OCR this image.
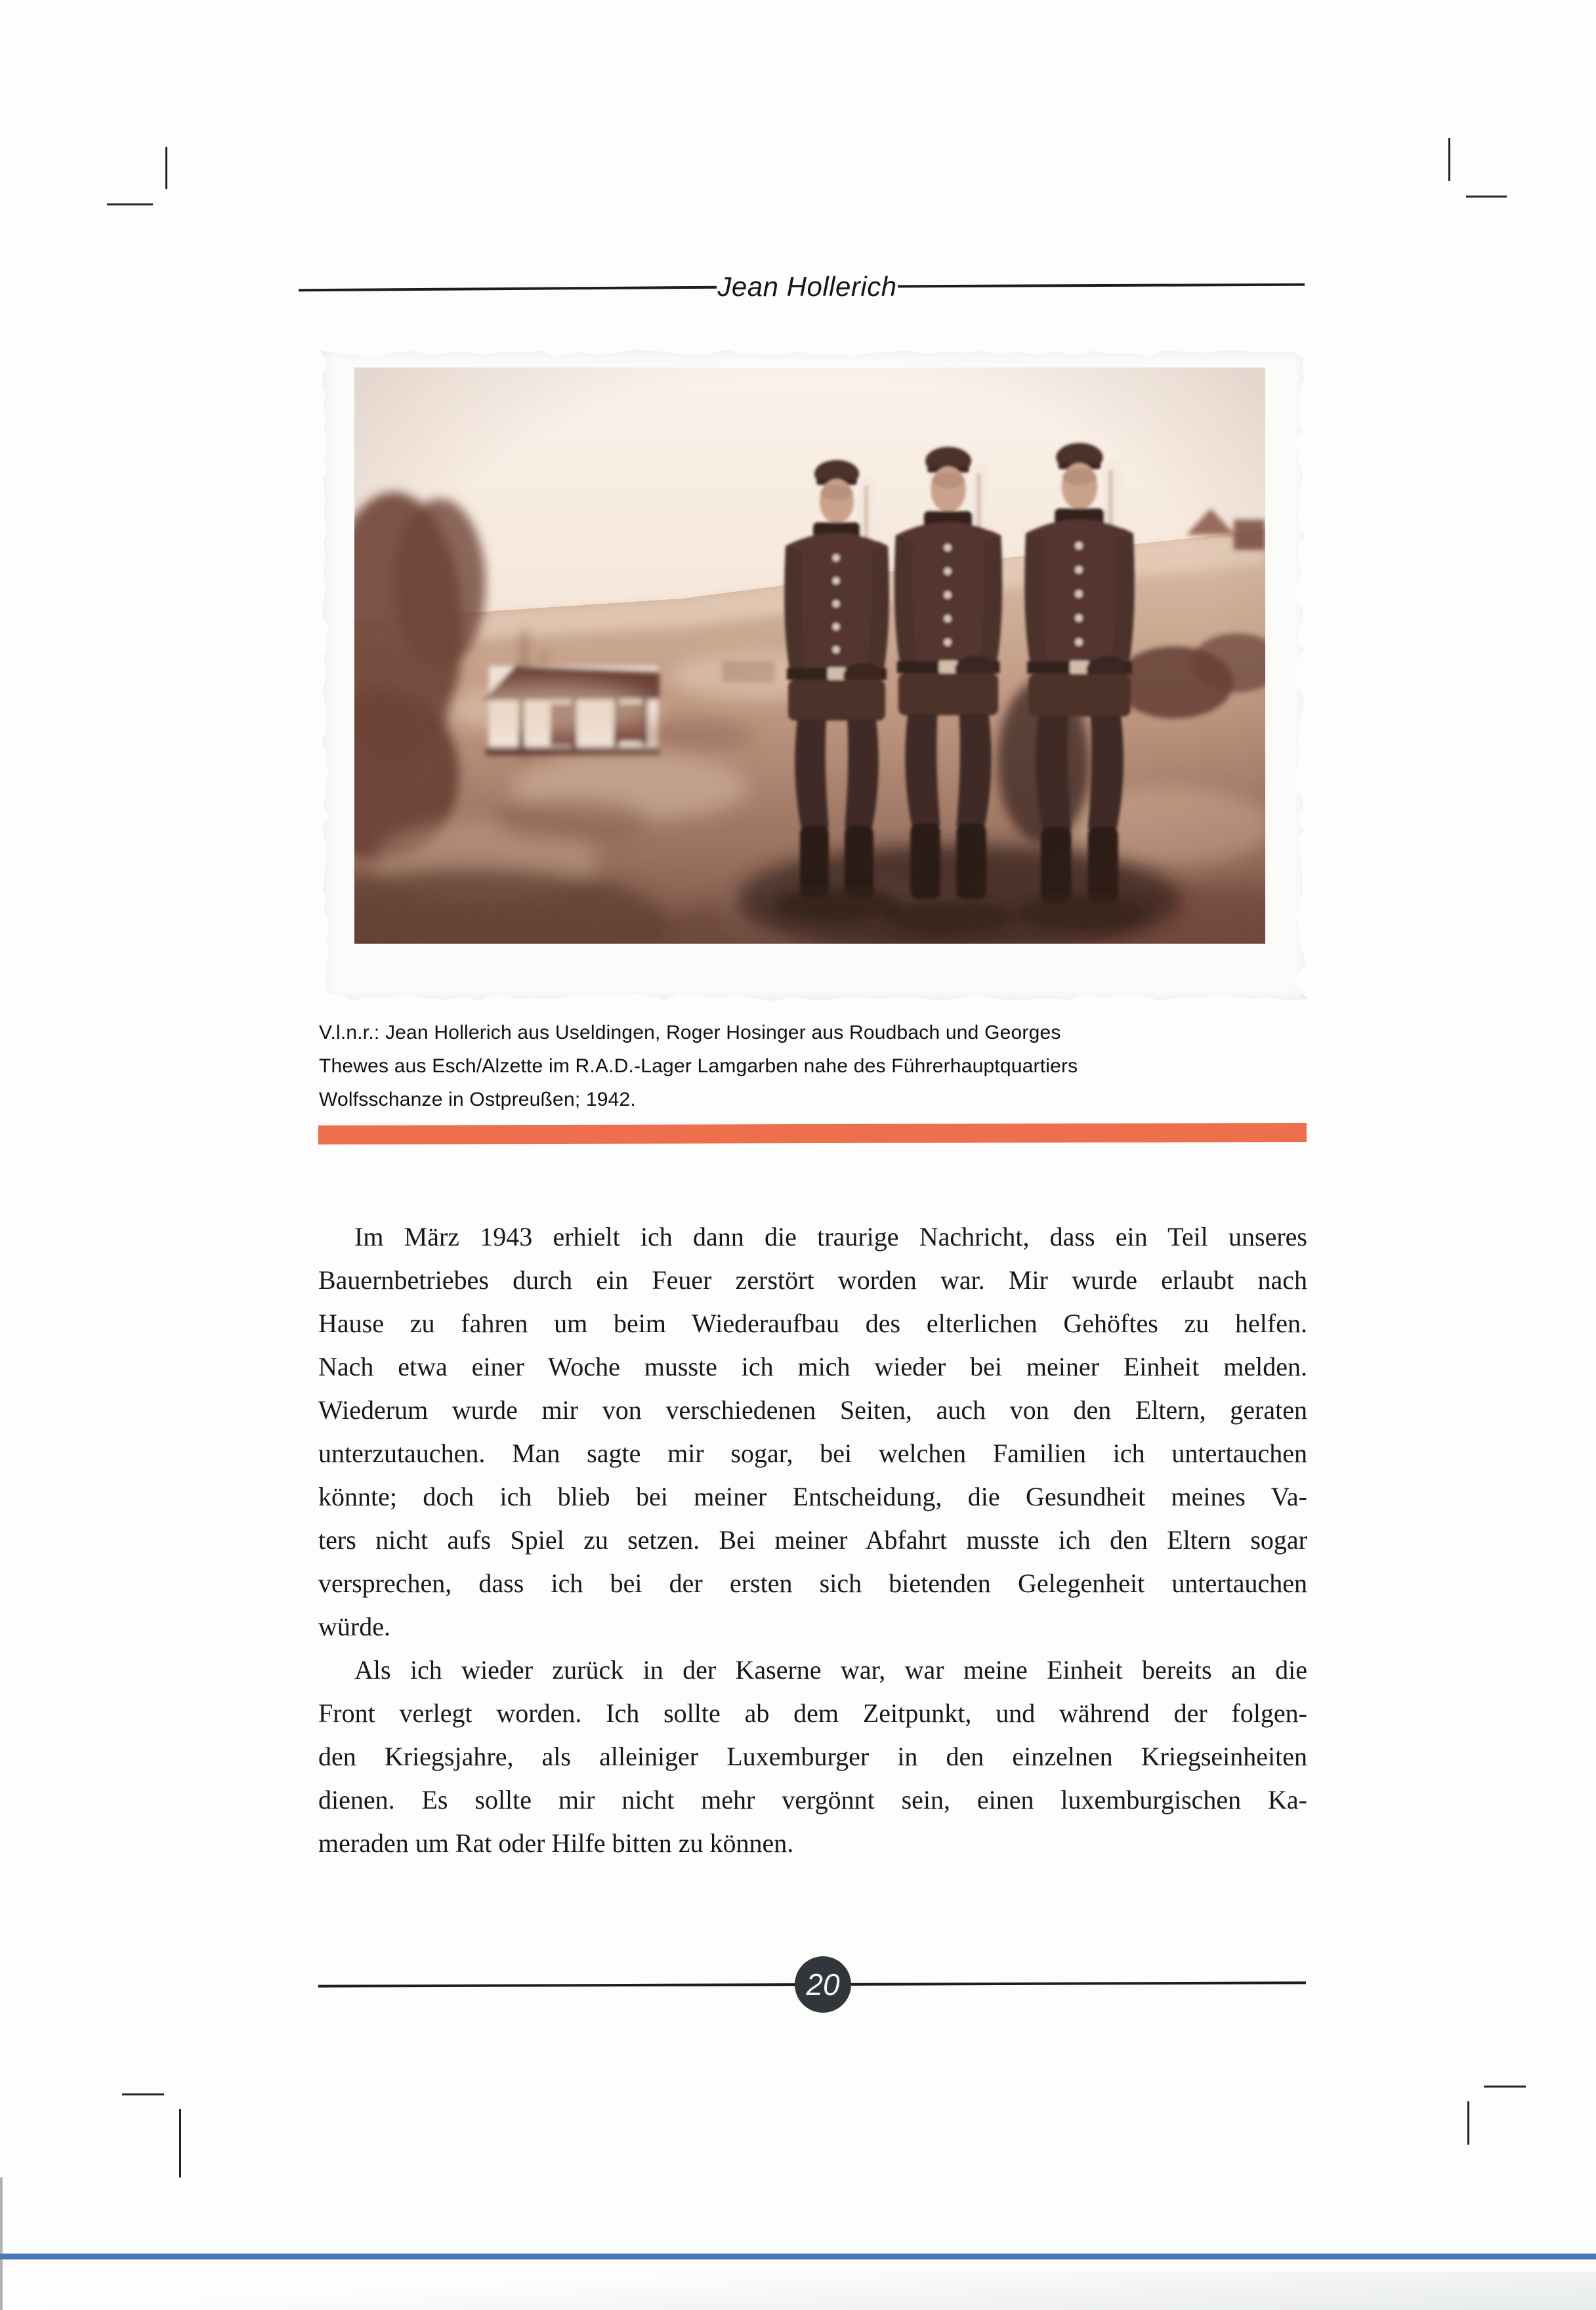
Jean Hollerich
V.l.n.r.: Jean Hollerich aus Useldingen, Roger Hosinger aus Roudbach und Georges
Thewes aus Esch/Alzette im R.A.D.-Lager Lamgarben nahe des Führerhauptquartiers
Wolfsschanze in Ostpreußen; 1942.
Im März 1943 erhielt ich dann die traurige Nachricht, dass ein Teil unseres
Bauernbetriebes durch ein Feuer zerstört worden war. Mir wurde erlaubt nach
Hause zu fahren um beim Wiederaufbau des elterlichen Gehöftes zu helfen.
Nach etwa einer Woche musste ich mich wieder bei meiner Einheit melden.
Wiederum wurde mir von verschiedenen Seiten, auch von den Eltern, geraten
unterzutauchen. Man sagte mir sogar, bei welchen Familien ich untertauchen
könnte; doch ich blieb bei meiner Entscheidung, die Gesundheit meines Va-
ters nicht aufs Spiel zu setzen. Bei meiner Abfahrt musste ich den Eltern sogar
versprechen, dass ich bei der ersten sich bietenden Gelegenheit untertauchen
würde.
Als ich wieder zurück in der Kaserne war, war meine Einheit bereits an die
Front verlegt worden. Ich sollte ab dem Zeitpunkt, und während der folgen-
den Kriegsjahre, als alleiniger Luxemburger in den einzelnen Kriegseinheiten
dienen. Es sollte mir nicht mehr vergönnt sein, einen luxemburgischen Ka-
meraden um Rat oder Hilfe bitten zu können.
20
